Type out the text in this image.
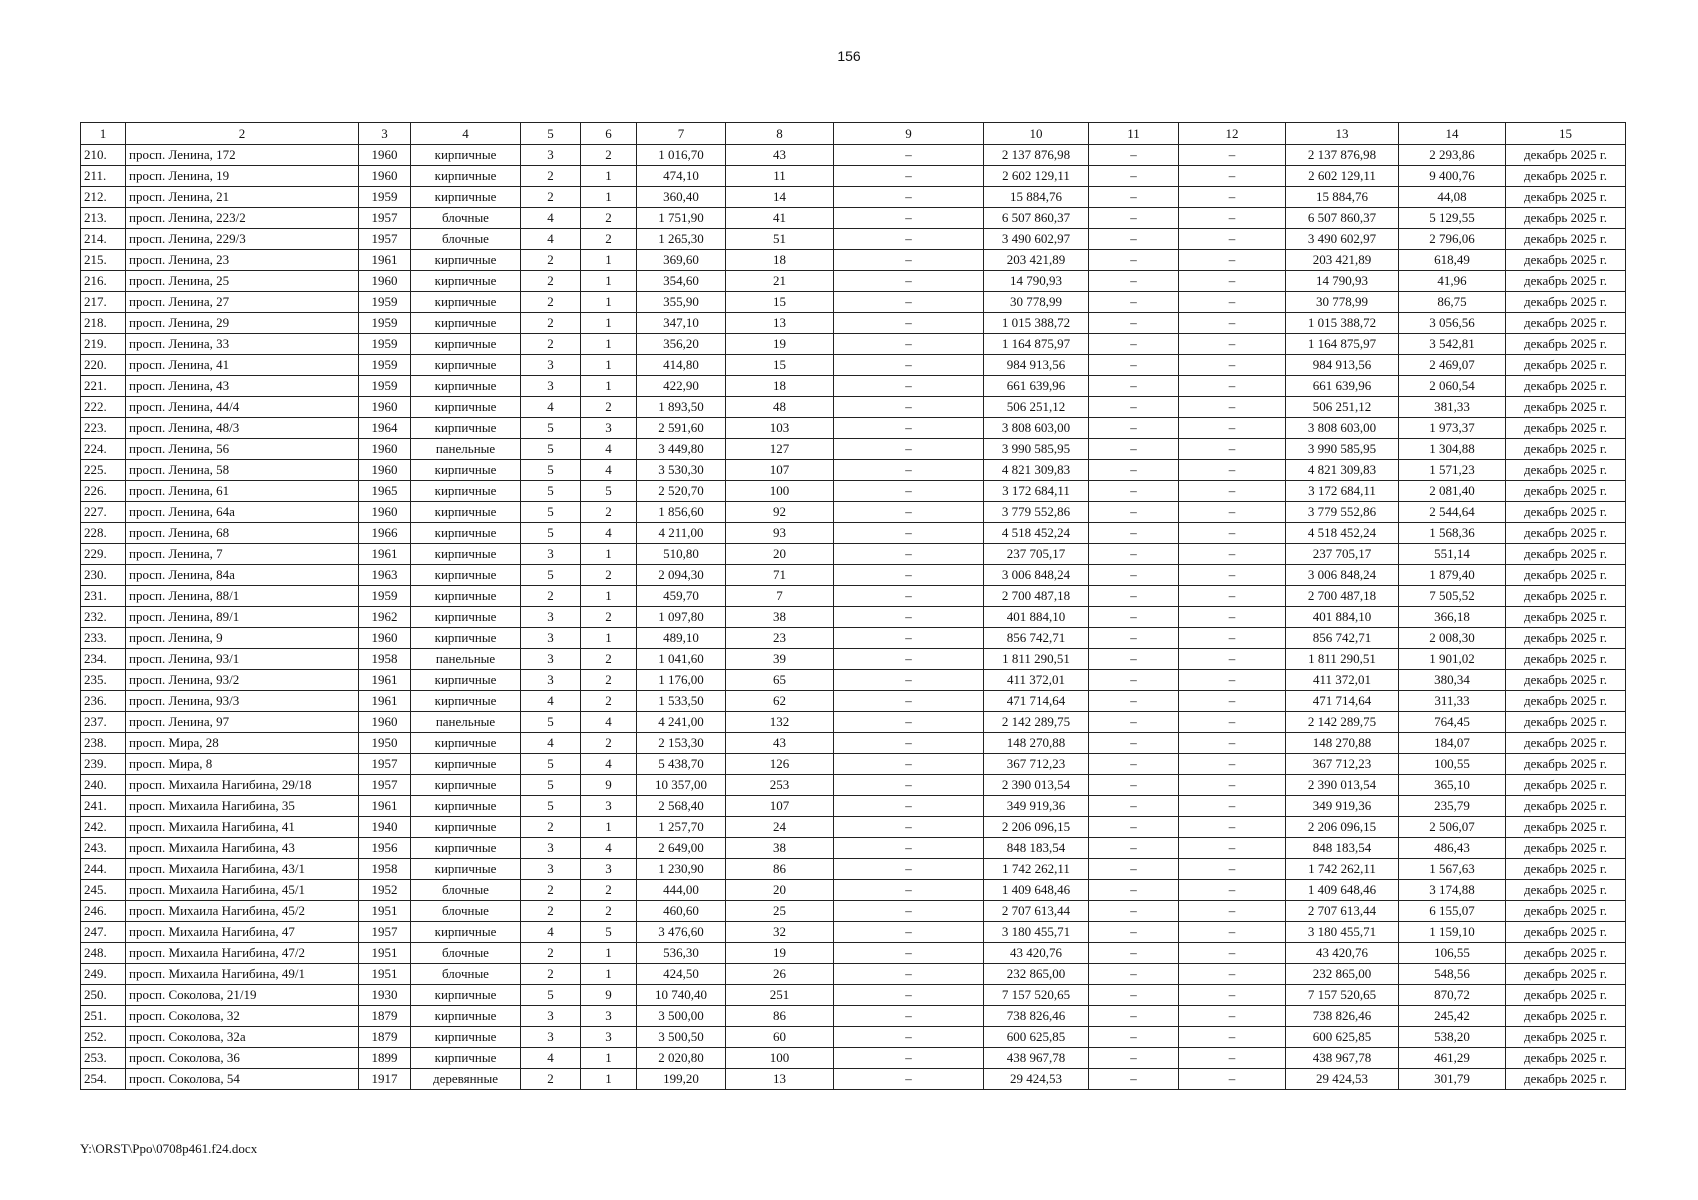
156
1	2	3	4	5	6	7	8	9	10	11	12	13	14	15
210.	просп. Ленина, 172	1960	кирпичные	3	2	1 016,70	43	–	2 137 876,98	–	–	2 137 876,98	2 293,86	декабрь 2025 г.
211.	просп. Ленина, 19	1960	кирпичные	2	1	474,10	11	–	2 602 129,11	–	–	2 602 129,11	9 400,76	декабрь 2025 г.
212.	просп. Ленина, 21	1959	кирпичные	2	1	360,40	14	–	15 884,76	–	–	15 884,76	44,08	декабрь 2025 г.
213.	просп. Ленина, 223/2	1957	блочные	4	2	1 751,90	41	–	6 507 860,37	–	–	6 507 860,37	5 129,55	декабрь 2025 г.
214.	просп. Ленина, 229/3	1957	блочные	4	2	1 265,30	51	–	3 490 602,97	–	–	3 490 602,97	2 796,06	декабрь 2025 г.
215.	просп. Ленина, 23	1961	кирпичные	2	1	369,60	18	–	203 421,89	–	–	203 421,89	618,49	декабрь 2025 г.
216.	просп. Ленина, 25	1960	кирпичные	2	1	354,60	21	–	14 790,93	–	–	14 790,93	41,96	декабрь 2025 г.
217.	просп. Ленина, 27	1959	кирпичные	2	1	355,90	15	–	30 778,99	–	–	30 778,99	86,75	декабрь 2025 г.
218.	просп. Ленина, 29	1959	кирпичные	2	1	347,10	13	–	1 015 388,72	–	–	1 015 388,72	3 056,56	декабрь 2025 г.
219.	просп. Ленина, 33	1959	кирпичные	2	1	356,20	19	–	1 164 875,97	–	–	1 164 875,97	3 542,81	декабрь 2025 г.
220.	просп. Ленина, 41	1959	кирпичные	3	1	414,80	15	–	984 913,56	–	–	984 913,56	2 469,07	декабрь 2025 г.
221.	просп. Ленина, 43	1959	кирпичные	3	1	422,90	18	–	661 639,96	–	–	661 639,96	2 060,54	декабрь 2025 г.
222.	просп. Ленина, 44/4	1960	кирпичные	4	2	1 893,50	48	–	506 251,12	–	–	506 251,12	381,33	декабрь 2025 г.
223.	просп. Ленина, 48/3	1964	кирпичные	5	3	2 591,60	103	–	3 808 603,00	–	–	3 808 603,00	1 973,37	декабрь 2025 г.
224.	просп. Ленина, 56	1960	панельные	5	4	3 449,80	127	–	3 990 585,95	–	–	3 990 585,95	1 304,88	декабрь 2025 г.
225.	просп. Ленина, 58	1960	кирпичные	5	4	3 530,30	107	–	4 821 309,83	–	–	4 821 309,83	1 571,23	декабрь 2025 г.
226.	просп. Ленина, 61	1965	кирпичные	5	5	2 520,70	100	–	3 172 684,11	–	–	3 172 684,11	2 081,40	декабрь 2025 г.
227.	просп. Ленина, 64а	1960	кирпичные	5	2	1 856,60	92	–	3 779 552,86	–	–	3 779 552,86	2 544,64	декабрь 2025 г.
228.	просп. Ленина, 68	1966	кирпичные	5	4	4 211,00	93	–	4 518 452,24	–	–	4 518 452,24	1 568,36	декабрь 2025 г.
229.	просп. Ленина, 7	1961	кирпичные	3	1	510,80	20	–	237 705,17	–	–	237 705,17	551,14	декабрь 2025 г.
230.	просп. Ленина, 84а	1963	кирпичные	5	2	2 094,30	71	–	3 006 848,24	–	–	3 006 848,24	1 879,40	декабрь 2025 г.
231.	просп. Ленина, 88/1	1959	кирпичные	2	1	459,70	7	–	2 700 487,18	–	–	2 700 487,18	7 505,52	декабрь 2025 г.
232.	просп. Ленина, 89/1	1962	кирпичные	3	2	1 097,80	38	–	401 884,10	–	–	401 884,10	366,18	декабрь 2025 г.
233.	просп. Ленина, 9	1960	кирпичные	3	1	489,10	23	–	856 742,71	–	–	856 742,71	2 008,30	декабрь 2025 г.
234.	просп. Ленина, 93/1	1958	панельные	3	2	1 041,60	39	–	1 811 290,51	–	–	1 811 290,51	1 901,02	декабрь 2025 г.
235.	просп. Ленина, 93/2	1961	кирпичные	3	2	1 176,00	65	–	411 372,01	–	–	411 372,01	380,34	декабрь 2025 г.
236.	просп. Ленина, 93/3	1961	кирпичные	4	2	1 533,50	62	–	471 714,64	–	–	471 714,64	311,33	декабрь 2025 г.
237.	просп. Ленина, 97	1960	панельные	5	4	4 241,00	132	–	2 142 289,75	–	–	2 142 289,75	764,45	декабрь 2025 г.
238.	просп. Мира, 28	1950	кирпичные	4	2	2 153,30	43	–	148 270,88	–	–	148 270,88	184,07	декабрь 2025 г.
239.	просп. Мира, 8	1957	кирпичные	5	4	5 438,70	126	–	367 712,23	–	–	367 712,23	100,55	декабрь 2025 г.
240.	просп. Михаила Нагибина, 29/18	1957	кирпичные	5	9	10 357,00	253	–	2 390 013,54	–	–	2 390 013,54	365,10	декабрь 2025 г.
241.	просп. Михаила Нагибина, 35	1961	кирпичные	5	3	2 568,40	107	–	349 919,36	–	–	349 919,36	235,79	декабрь 2025 г.
242.	просп. Михаила Нагибина, 41	1940	кирпичные	2	1	1 257,70	24	–	2 206 096,15	–	–	2 206 096,15	2 506,07	декабрь 2025 г.
243.	просп. Михаила Нагибина, 43	1956	кирпичные	3	4	2 649,00	38	–	848 183,54	–	–	848 183,54	486,43	декабрь 2025 г.
244.	просп. Михаила Нагибина, 43/1	1958	кирпичные	3	3	1 230,90	86	–	1 742 262,11	–	–	1 742 262,11	1 567,63	декабрь 2025 г.
245.	просп. Михаила Нагибина, 45/1	1952	блочные	2	2	444,00	20	–	1 409 648,46	–	–	1 409 648,46	3 174,88	декабрь 2025 г.
246.	просп. Михаила Нагибина, 45/2	1951	блочные	2	2	460,60	25	–	2 707 613,44	–	–	2 707 613,44	6 155,07	декабрь 2025 г.
247.	просп. Михаила Нагибина, 47	1957	кирпичные	4	5	3 476,60	32	–	3 180 455,71	–	–	3 180 455,71	1 159,10	декабрь 2025 г.
248.	просп. Михаила Нагибина, 47/2	1951	блочные	2	1	536,30	19	–	43 420,76	–	–	43 420,76	106,55	декабрь 2025 г.
249.	просп. Михаила Нагибина, 49/1	1951	блочные	2	1	424,50	26	–	232 865,00	–	–	232 865,00	548,56	декабрь 2025 г.
250.	просп. Соколова, 21/19	1930	кирпичные	5	9	10 740,40	251	–	7 157 520,65	–	–	7 157 520,65	870,72	декабрь 2025 г.
251.	просп. Соколова, 32	1879	кирпичные	3	3	3 500,00	86	–	738 826,46	–	–	738 826,46	245,42	декабрь 2025 г.
252.	просп. Соколова, 32а	1879	кирпичные	3	3	3 500,50	60	–	600 625,85	–	–	600 625,85	538,20	декабрь 2025 г.
253.	просп. Соколова, 36	1899	кирпичные	4	1	2 020,80	100	–	438 967,78	–	–	438 967,78	461,29	декабрь 2025 г.
254.	просп. Соколова, 54	1917	деревянные	2	1	199,20	13	–	29 424,53	–	–	29 424,53	301,79	декабрь 2025 г.
Y:\ORST\Ppo\0708p461.f24.docx
